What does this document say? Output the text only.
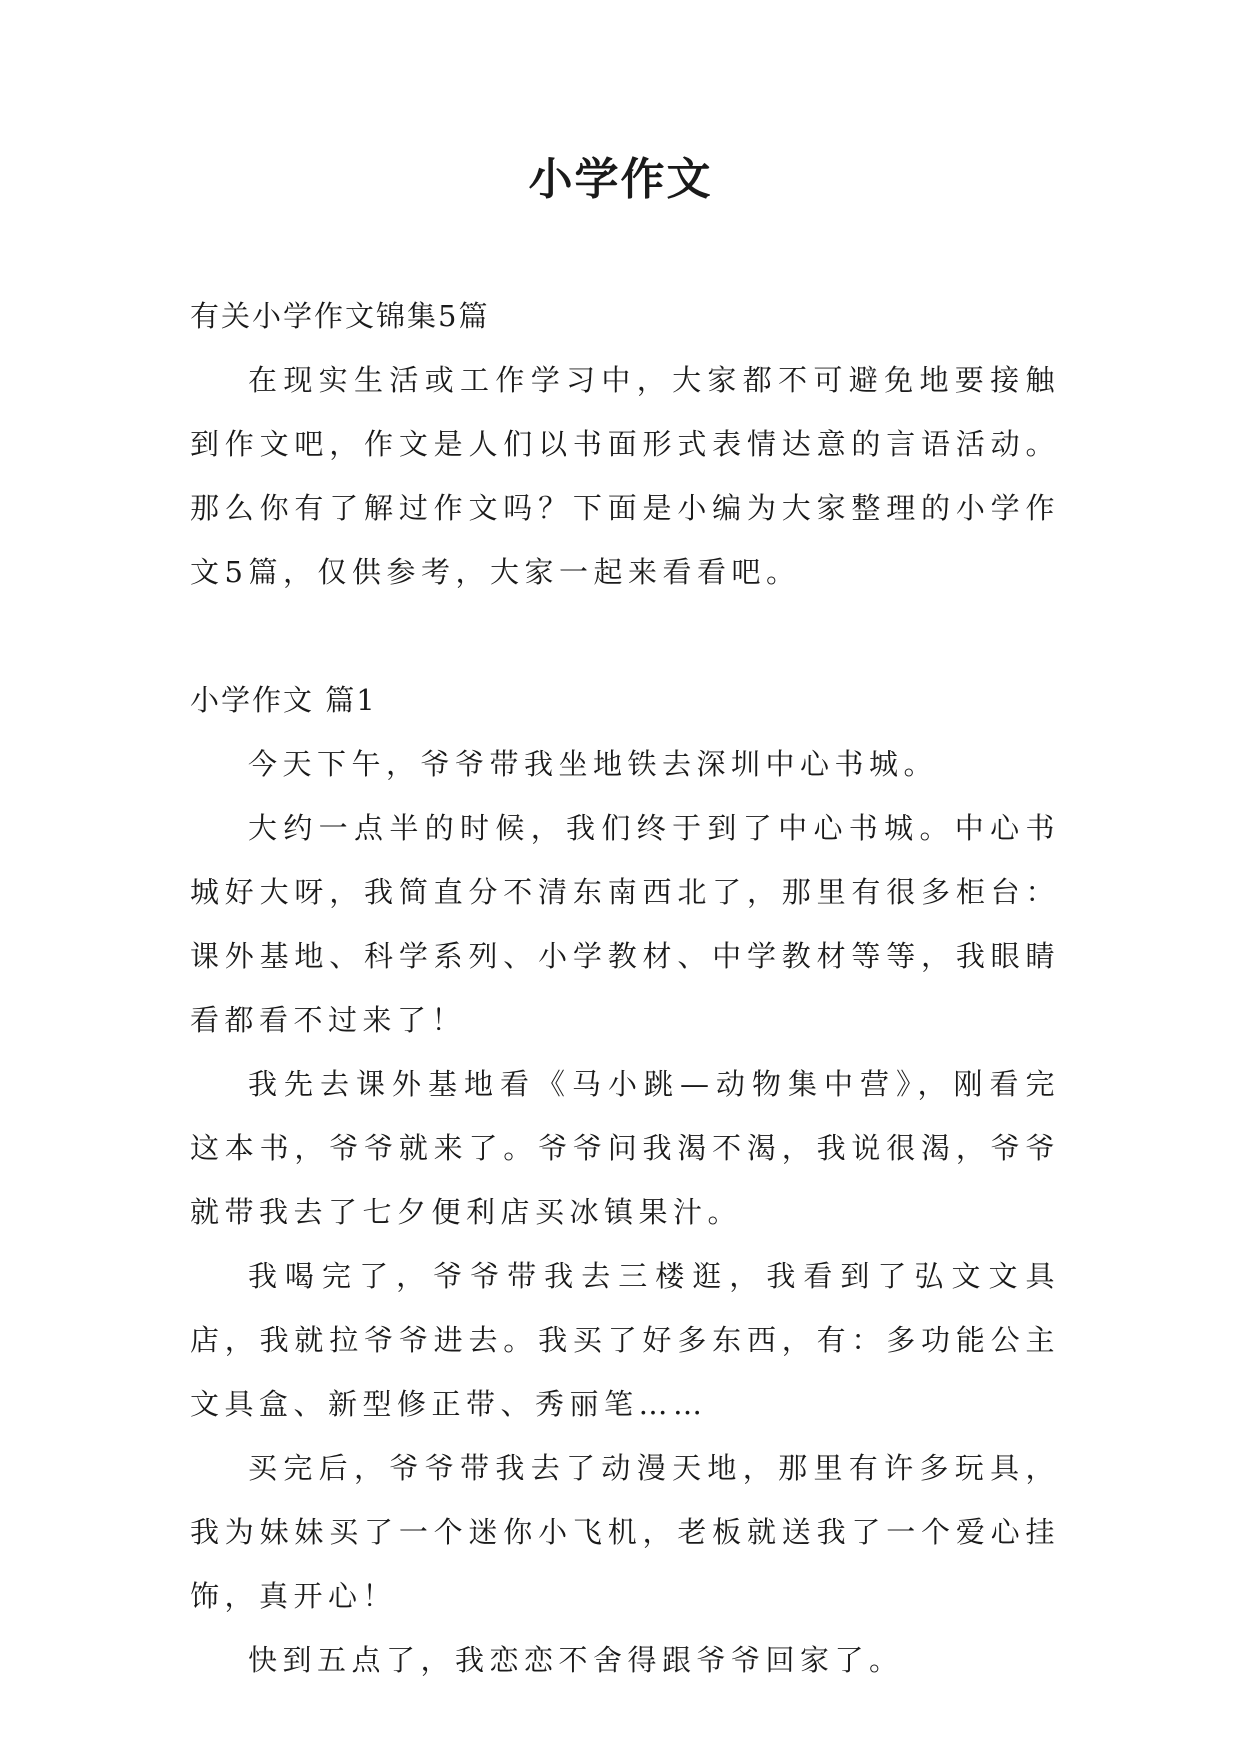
小学作文

有关小学作文锦集5篇

在现实生活或工作学习中，大家都不可避免地要接触到作文吧，作文是人们以书面形式表情达意的言语活动。那么你有了解过作文吗？下面是小编为大家整理的小学作文5篇，仅供参考，大家一起来看看吧。

小学作文 篇1

今天下午，爷爷带我坐地铁去深圳中心书城。

大约一点半的时候，我们终于到了中心书城。中心书城好大呀，我简直分不清东南西北了，那里有很多柜台：课外基地、科学系列、小学教材、中学教材等等，我眼睛看都看不过来了！

我先去课外基地看《马小跳—动物集中营》，刚看完这本书，爷爷就来了。爷爷问我渴不渴，我说很渴，爷爷就带我去了七夕便利店买冰镇果汁。

我喝完了，爷爷带我去三楼逛，我看到了弘文文具店，我就拉爷爷进去。我买了好多东西，有：多功能公主文具盒、新型修正带、秀丽笔……

买完后，爷爷带我去了动漫天地，那里有许多玩具，我为妹妹买了一个迷你小飞机，老板就送我了一个爱心挂饰，真开心！

快到五点了，我恋恋不舍得跟爷爷回家了。
